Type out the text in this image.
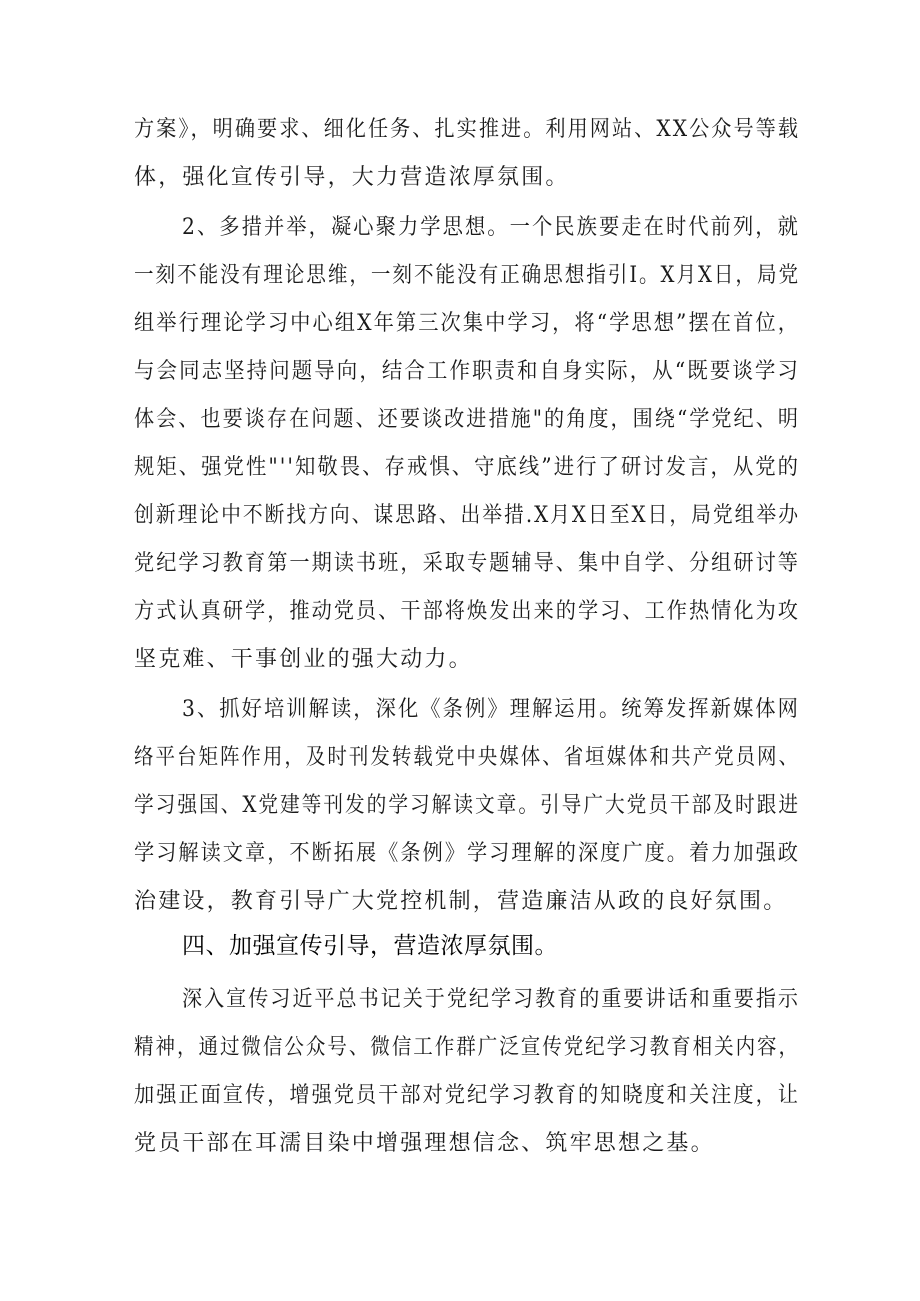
方案》，明确要求、细化任务、扎实推进。利用网站、XX公众号等载
体，强化宣传引导，大力营造浓厚氛围。
2、多措并举，凝心聚力学思想。一个民族要走在时代前列，就
一刻不能没有理论思维，一刻不能没有正确思想指引I。X月X日，局党
组举行理论学习中心组X年第三次集中学习，将“学思想”摆在首位，
与会同志坚持问题导向，结合工作职责和自身实际，从“既要谈学习
体会、也要谈存在问题、还要谈改进措施"的角度，围绕“学党纪、明
规矩、强党性"''知敬畏、存戒惧、守底线”进行了研讨发言，从党的
创新理论中不断找方向、谋思路、出举措.X月X日至X日，局党组举办
党纪学习教育第一期读书班，采取专题辅导、集中自学、分组研讨等
方式认真研学，推动党员、干部将焕发出来的学习、工作热情化为攻
坚克难、干事创业的强大动力。
3、抓好培训解读，深化《条例》理解运用。统筹发挥新媒体网
络平台矩阵作用，及时刊发转载党中央媒体、省垣媒体和共产党员网、
学习强国、X党建等刊发的学习解读文章。引导广大党员干部及时跟进
学习解读文章，不断拓展《条例》学习理解的深度广度。着力加强政
治建设，教育引导广大党控机制，营造廉洁从政的良好氛围。
四、加强宣传引导，营造浓厚氛围。
深入宣传习近平总书记关于党纪学习教育的重要讲话和重要指示
精神，通过微信公众号、微信工作群广泛宣传党纪学习教育相关内容，
加强正面宣传，增强党员干部对党纪学习教育的知晓度和关注度，让
党员干部在耳濡目染中增强理想信念、筑牢思想之基。
